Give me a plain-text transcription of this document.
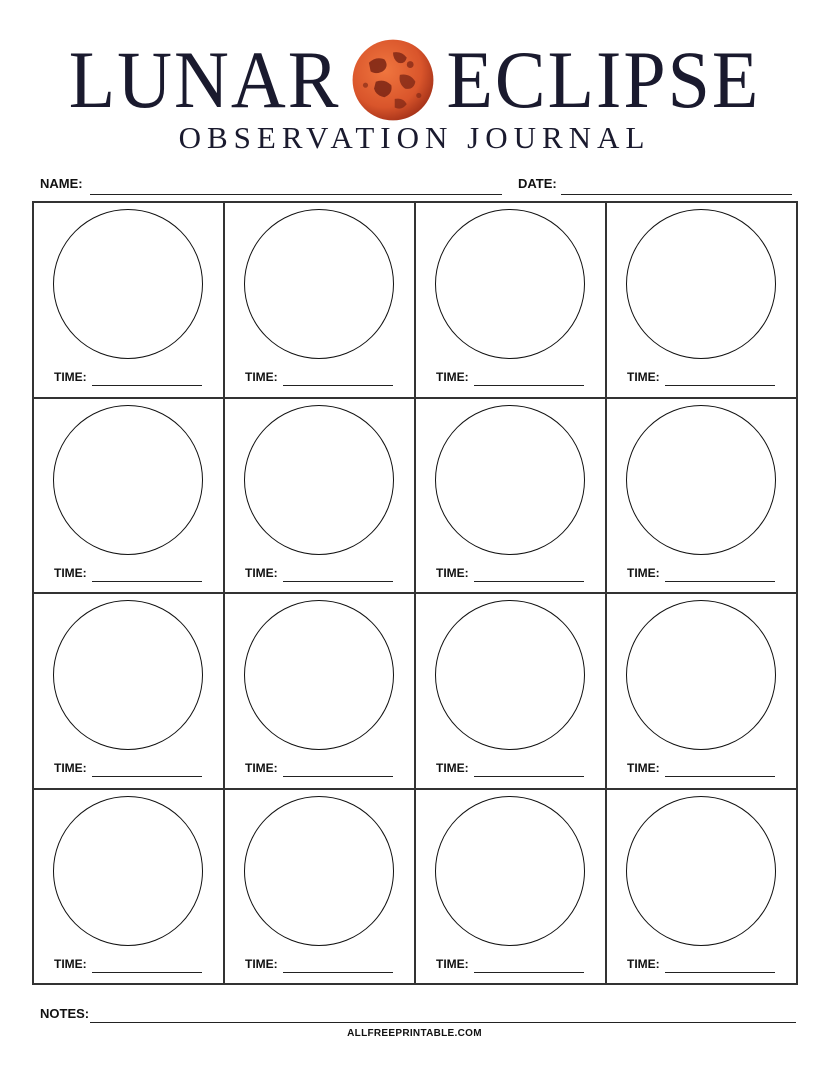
LUNAR ECLIPSE
OBSERVATION JOURNAL
NAME:	DATE:
TIME:	TIME:	TIME:	TIME:
TIME:	TIME:	TIME:	TIME:
TIME:	TIME:	TIME:	TIME:
TIME:	TIME:	TIME:	TIME:
NOTES:
ALLFREEPRINTABLE.COM
